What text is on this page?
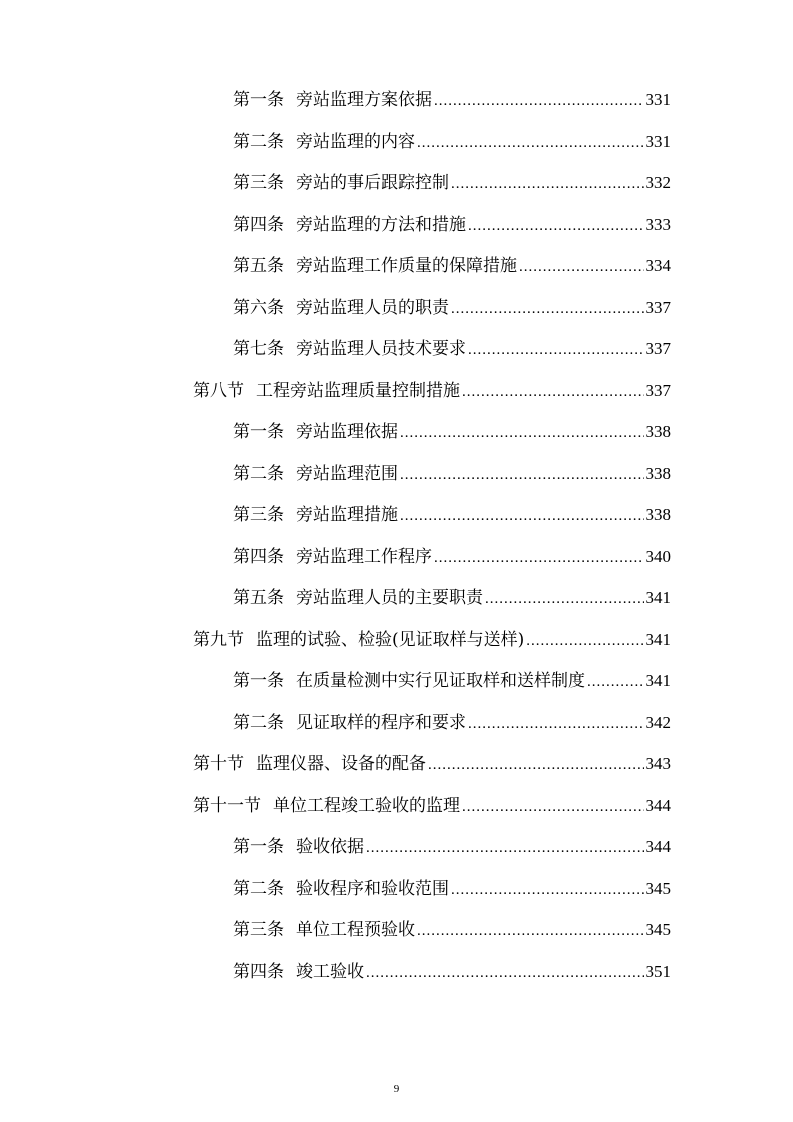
第一条 旁站监理方案依据 .....	331
第二条 旁站监理的内容 .....	331
第三条 旁站的事后跟踪控制 .....	332
第四条 旁站监理的方法和措施 .....	333
第五条 旁站监理工作质量的保障措施 .....	334
第六条 旁站监理人员的职责 .....	337
第七条 旁站监理人员技术要求 .....	337
第八节 工程旁站监理质量控制措施 .....	337
第一条 旁站监理依据 .....	338
第二条 旁站监理范围 .....	338
第三条 旁站监理措施 .....	338
第四条 旁站监理工作程序 .....	340
第五条 旁站监理人员的主要职责 .....	341
第九节 监理的试验、检验(见证取样与送样) .....	341
第一条 在质量检测中实行见证取样和送样制度 .....	341
第二条 见证取样的程序和要求 .....	342
第十节 监理仪器、设备的配备 .....	343
第十一节 单位工程竣工验收的监理 .....	344
第一条 验收依据 .....	344
第二条 验收程序和验收范围 .....	345
第三条 单位工程预验收 .....	345
第四条 竣工验收 .....	351
9
